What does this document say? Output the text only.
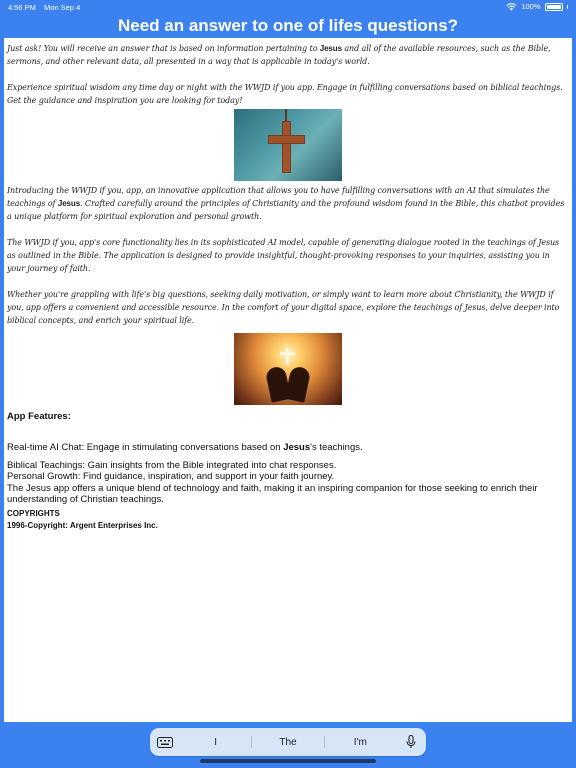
4:56 PM Mon Sep 4	100%
Need an answer to one of lifes questions?

Just ask! You will receive an answer that is based on information pertaining to Jesus and all of the available resources, such as the Bible, sermons, and other relevant data, all presented in a way that is applicable in today's world.

Experience spiritual wisdom any time day or night with the WWJD if you app. Engage in fulfilling conversations based on biblical teachings. Get the guidance and inspiration you are looking for today!

Introducing the WWJD if you, app, an innovative application that allows you to have fulfilling conversations with an AI that simulates the teachings of Jesus. Crafted carefully around the principles of Christianity and the profound wisdom found in the Bible, this chatbot provides a unique platform for spiritual exploration and personal growth.

The WWJD if you, app's core functionality lies in its sophisticated AI model, capable of generating dialogue rooted in the teachings of Jesus as outlined in the Bible. The application is designed to provide insightful, thought-provoking responses to your inquiries, assisting you in your journey of faith.

Whether you're grappling with life's big questions, seeking daily motivation, or simply want to learn more about Christianity, the WWJD if you, app offers a convenient and accessible resource. In the comfort of your digital space, explore the teachings of Jesus, delve deeper into biblical concepts, and enrich your spiritual life.

App Features:

Real-time AI Chat: Engage in stimulating conversations based on Jesus's teachings.

Biblical Teachings: Gain insights from the Bible integrated into chat responses.

Personal Growth: Find guidance, inspiration, and support in your faith journey.

The Jesus app offers a unique blend of technology and faith, making it an inspiring companion for those seeking to enrich their understanding of Christian teachings.

COPYRIGHTS

1996-Copyright: Argent Enterprises Inc.

I	The	I'm
